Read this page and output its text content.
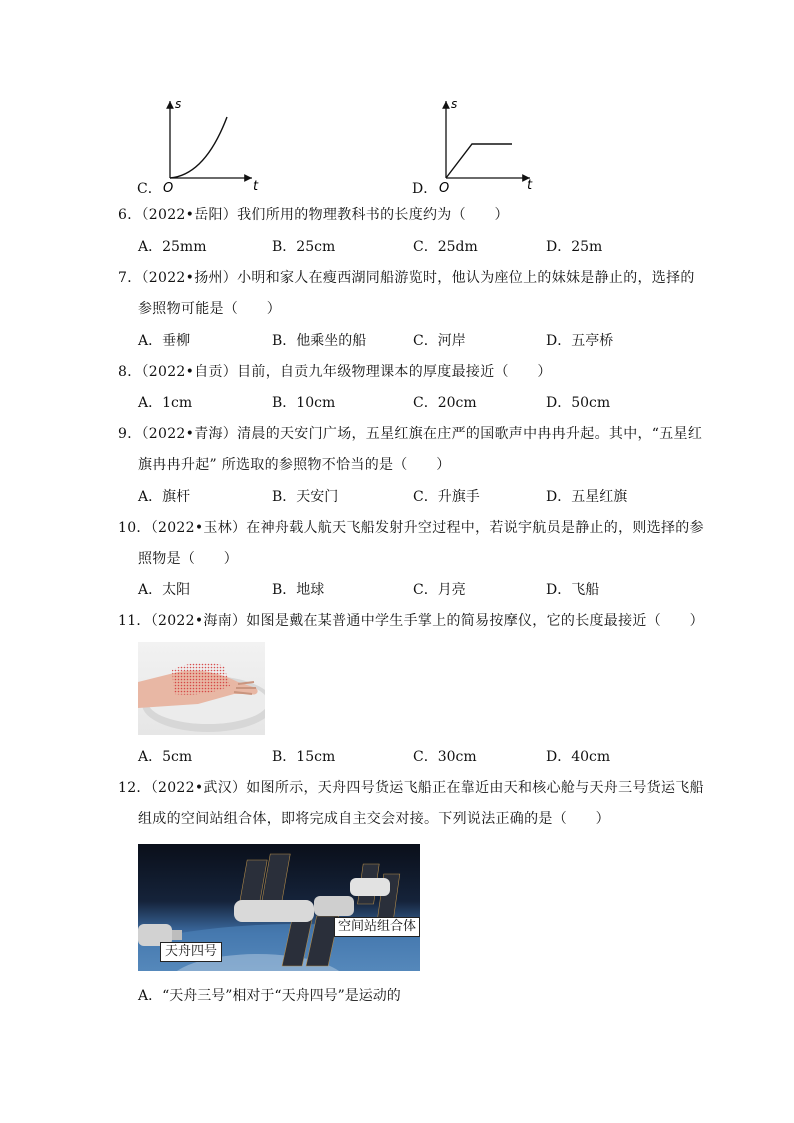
C．
s
t
O	D．
s
t
O
6．（2022•岳阳）我们所用的物理教科书的长度约为（　　）
A．25mm	B．25cm	C．25dm	D．25m
7．（2022•扬州）小明和家人在瘦西湖同船游览时，他认为座位上的妹妹是静止的，选择的
参照物可能是（　　）
A．垂柳	B．他乘坐的船	C．河岸	D．五亭桥
8．（2022•自贡）目前，自贡九年级物理课本的厚度最接近（　　）
A．1cm	B．10cm	C．20cm	D．50cm
9．（2022•青海）清晨的天安门广场，五星红旗在庄严的国歌声中冉冉升起。其中，“五星红
旗冉冉升起” 所选取的参照物不恰当的是（　　）
A．旗杆	B．天安门	C．升旗手	D．五星红旗
10．（2022•玉林）在神舟载人航天飞船发射升空过程中，若说宇航员是静止的，则选择的参
照物是（　　）
A．太阳	B．地球	C．月亮	D．飞船
11．（2022•海南）如图是戴在某普通中学生手掌上的简易按摩仪，它的长度最接近（　　）
A．5cm	B．15cm	C．30cm	D．40cm
12．（2022•武汉）如图所示，天舟四号货运飞船正在靠近由天和核心舱与天舟三号货运飞船
组成的空间站组合体，即将完成自主交会对接。下列说法正确的是（　　）
空间站组合体
天舟四号
A．“天舟三号”相对于“天舟四号”是运动的
